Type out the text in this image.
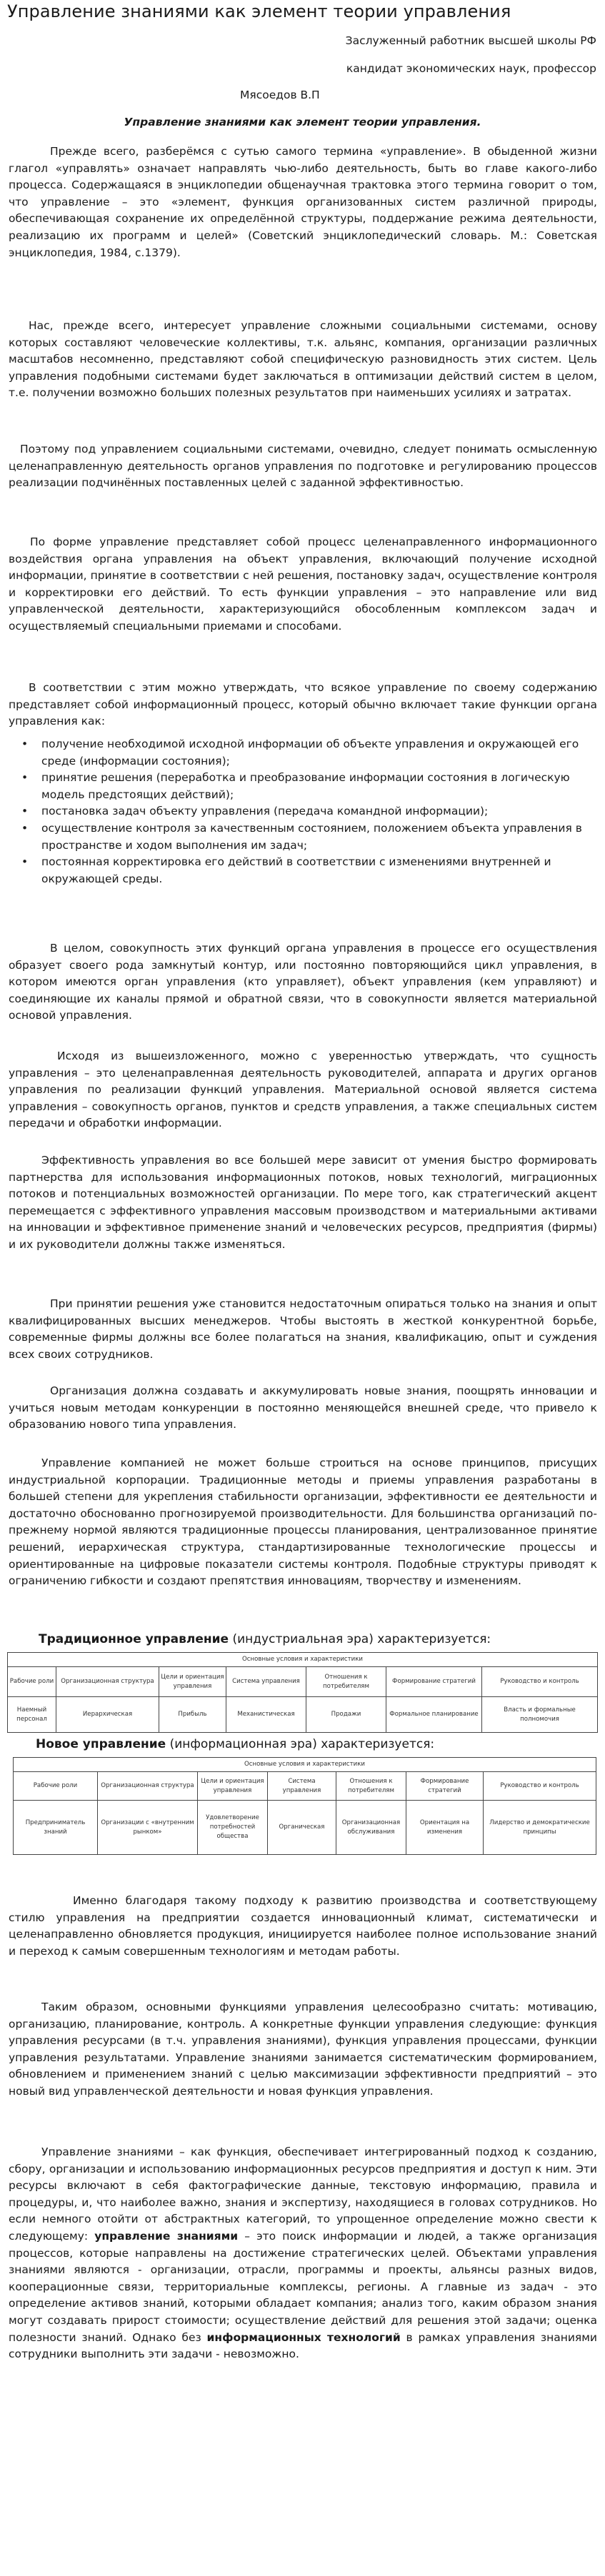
Управление знаниями как элемент теории управления
Заслуженный работник высшей школы РФ
кандидат экономических наук, профессор
Мясоедов В.П
Управление знаниями как элемент теории управления.

Прежде всего, разберёмся с сутью самого термина «управление». В обыденной жизни глагол «управлять» означает направлять чью-либо деятельность, быть во главе какого-либо процесса. Содержащаяся в энциклопедии общенаучная трактовка этого термина говорит о том, что управление – это «элемент, функция организованных систем различной природы, обеспечивающая сохранение их определённой структуры, поддержание режима деятельности, реализацию их программ и целей» (Советский энциклопедический словарь. М.: Советская энциклопедия, 1984, с.1379).

Нас, прежде всего, интересует управление сложными социальными системами, основу которых составляют человеческие коллективы, т.к. альянс, компания, организации различных масштабов несомненно, представляют собой специфическую разновидность этих систем. Цель управления подобными системами будет заключаться в оптимизации действий систем в целом, т.е. получении возможно больших полезных результатов при наименьших усилиях и затратах.

Поэтому под управлением социальными системами, очевидно, следует понимать осмысленную целенаправленную деятельность органов управления по подготовке и регулированию процессов реализации подчинённых поставленных целей с заданной эффективностью.

По форме управление представляет собой процесс целенаправленного информационного воздействия органа управления на объект управления, включающий получение исходной информации, принятие в соответствии с ней решения, постановку задач, осуществление контроля и корректировки его действий. То есть функции управления – это направление или вид управленческой деятельности, характеризующийся обособленным комплексом задач и осуществляемый специальными приемами и способами.

В соответствии с этим можно утверждать, что всякое управление по своему содержанию представляет собой информационный процесс, который обычно включает такие функции органа управления как:

• получение необходимой исходной информации об объекте управления и окружающей его среде (информации состояния);
• принятие решения (переработка и преобразование информации состояния в логическую модель предстоящих действий);
• постановка задач объекту управления (передача командной информации);
• осуществление контроля за качественным состоянием, положением объекта управления в пространстве и ходом выполнения им задач;
• постоянная корректировка его действий в соответствии с изменениями внутренней и окружающей среды.

В целом, совокупность этих функций органа управления в процессе его осуществления образует своего рода замкнутый контур, или постоянно повторяющийся цикл управления, в котором имеются орган управления (кто управляет), объект управления (кем управляют) и соединяющие их каналы прямой и обратной связи, что в совокупности является материальной основой управления.

Исходя из вышеизложенного, можно с уверенностью утверждать, что сущность управления – это целенаправленная деятельность руководителей, аппарата и других органов управления по реализации функций управления. Материальной основой является система управления – совокупность органов, пунктов и средств управления, а также специальных систем передачи и обработки информации.

Эффективность управления во все большей мере зависит от умения быстро формировать партнерства для использования информационных потоков, новых технологий, миграционных потоков и потенциальных возможностей организации. По мере того, как стратегический акцент перемещается с эффективного управления массовым производством и материальными активами на инновации и эффективное применение знаний и человеческих ресурсов, предприятия (фирмы) и их руководители должны также изменяться.

При принятии решения уже становится недостаточным опираться только на знания и опыт квалифицированных высших менеджеров. Чтобы выстоять в жесткой конкурентной борьбе, современные фирмы должны все более полагаться на знания, квалификацию, опыт и суждения всех своих сотрудников.

Организация должна создавать и аккумулировать новые знания, поощрять инновации и учиться новым методам конкуренции в постоянно меняющейся внешней среде, что привело к образованию нового типа управления.

Управление компанией не может больше строиться на основе принципов, присущих индустриальной корпорации. Традиционные методы и приемы управления разработаны в большей степени для укрепления стабильности организации, эффективности ее деятельности и достаточно обоснованно прогнозируемой производительности. Для большинства организаций по-прежнему нормой являются традиционные процессы планирования, централизованное принятие решений, иерархическая структура, стандартизированные технологические процессы и ориентированные на цифровые показатели системы контроля. Подобные структуры приводят к ограничению гибкости и создают препятствия инновациям, творчеству и изменениям.

Традиционное управление (индустриальная эра) характеризуется:
Основные условия и характеристики						
Рабочие роли	Организационная структура	Цели и ориентация управления	Система управления	Отношения к потребителям	Формирование стратегий	Руководство и контроль
Наемный персонал	Иерархическая	Прибыль	Механистическая	Продажи	Формальное планирование	Власть и формальные полномочия
Новое управление (информационная эра) характеризуется:
Основные условия и характеристики						
Рабочие роли	Организационная структура	Цели и ориентация управления	Система управления	Отношения к потребителям	Формирование стратегий	Руководство и контроль
Предприниматель знаний	Организации с «внутренним рынком»	Удовлетворение потребностей общества	Органическая	Организационная обслуживания	Ориентация на изменения	Лидерство и демократические принципы

Именно благодаря такому подходу к развитию производства и соответствующему стилю управления на предприятии создается инновационный климат, систематически и целенаправленно обновляется продукция, инициируется наиболее полное использование знаний и переход к самым совершенным технологиям и методам работы.

Таким образом, основными функциями управления целесообразно считать: мотивацию, организацию, планирование, контроль. А конкретные функции управления следующие: функция управления ресурсами (в т.ч. управления знаниями), функция управления процессами, функции управления результатами. Управление знаниями занимается систематическим формированием, обновлением и применением знаний с целью максимизации эффективности предприятий – это новый вид управленческой деятельности и новая функция управления.

Управление знаниями – как функция, обеспечивает интегрированный подход к созданию, сбору, организации и использованию информационных ресурсов предприятия и доступ к ним. Эти ресурсы включают в себя фактографические данные, текстовую информацию, правила и процедуры, и, что наиболее важно, знания и экспертизу, находящиеся в головах сотрудников. Но если немного отойти от абстрактных категорий, то упрощенное определение можно свести к следующему: управление знаниями – это поиск информации и людей, а также организация процессов, которые направлены на достижение стратегических целей. Объектами управления знаниями являются - организации, отрасли, программы и проекты, альянсы разных видов, кооперационные связи, территориальные комплексы, регионы. А главные из задач - это определение активов знаний, которыми обладает компания; анализ того, каким образом знания могут создавать прирост стоимости; осуществление действий для решения этой задачи; оценка полезности знаний. Однако без информационных технологий в рамках управления знаниями сотрудники выполнить эти задачи - невозможно.
